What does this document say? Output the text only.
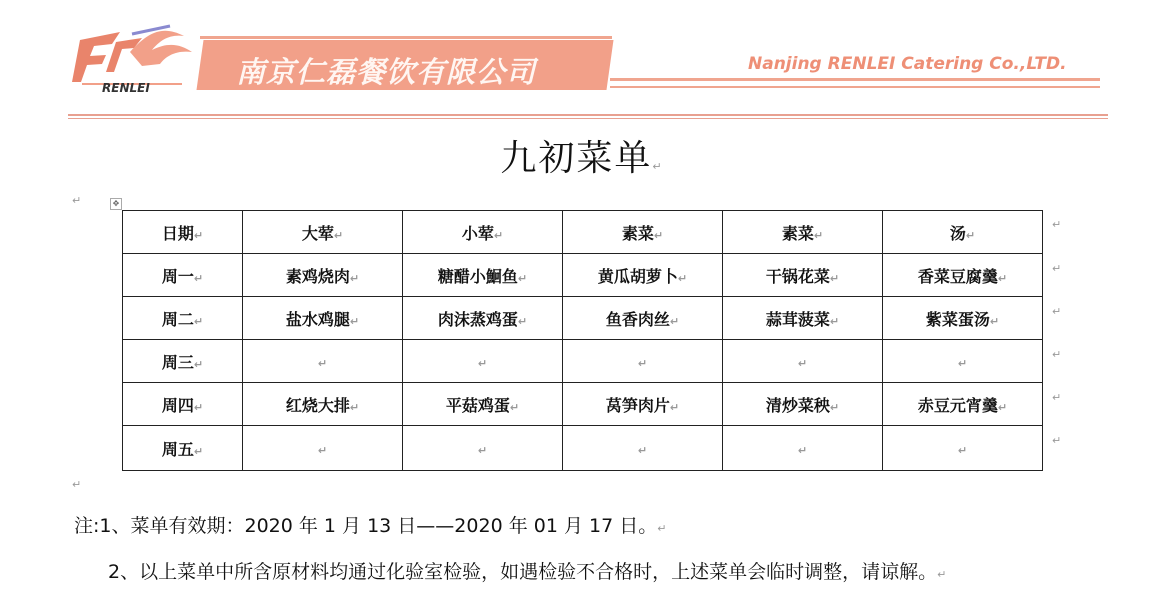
RENLEI	南京仁磊餐饮有限公司	Nanjing RENLEI Catering Co.,LTD.
九初菜单↵
↵	✥
日期↵	大荤↵	小荤↵	素菜↵	素菜↵	汤↵
周一↵	素鸡烧肉↵	糖醋小鮰鱼↵	黄瓜胡萝卜↵	干锅花菜↵	香菜豆腐羹↵
周二↵	盐水鸡腿↵	肉沫蒸鸡蛋↵	鱼香肉丝↵	蒜茸菠菜↵	紫菜蛋汤↵
周三↵	↵	↵	↵	↵	↵
周四↵	红烧大排↵	平菇鸡蛋↵	莴笋肉片↵	清炒菜秧↵	赤豆元宵羹↵
周五↵	↵	↵	↵	↵	↵
↵
↵
↵
↵
↵
↵
↵
注:1、菜单有效期：2020 年 1 月 13 日——2020 年 01 月 17 日。↵
2、以上菜单中所含原材料均通过化验室检验，如遇检验不合格时，上述菜单会临时调整，请谅解。↵
